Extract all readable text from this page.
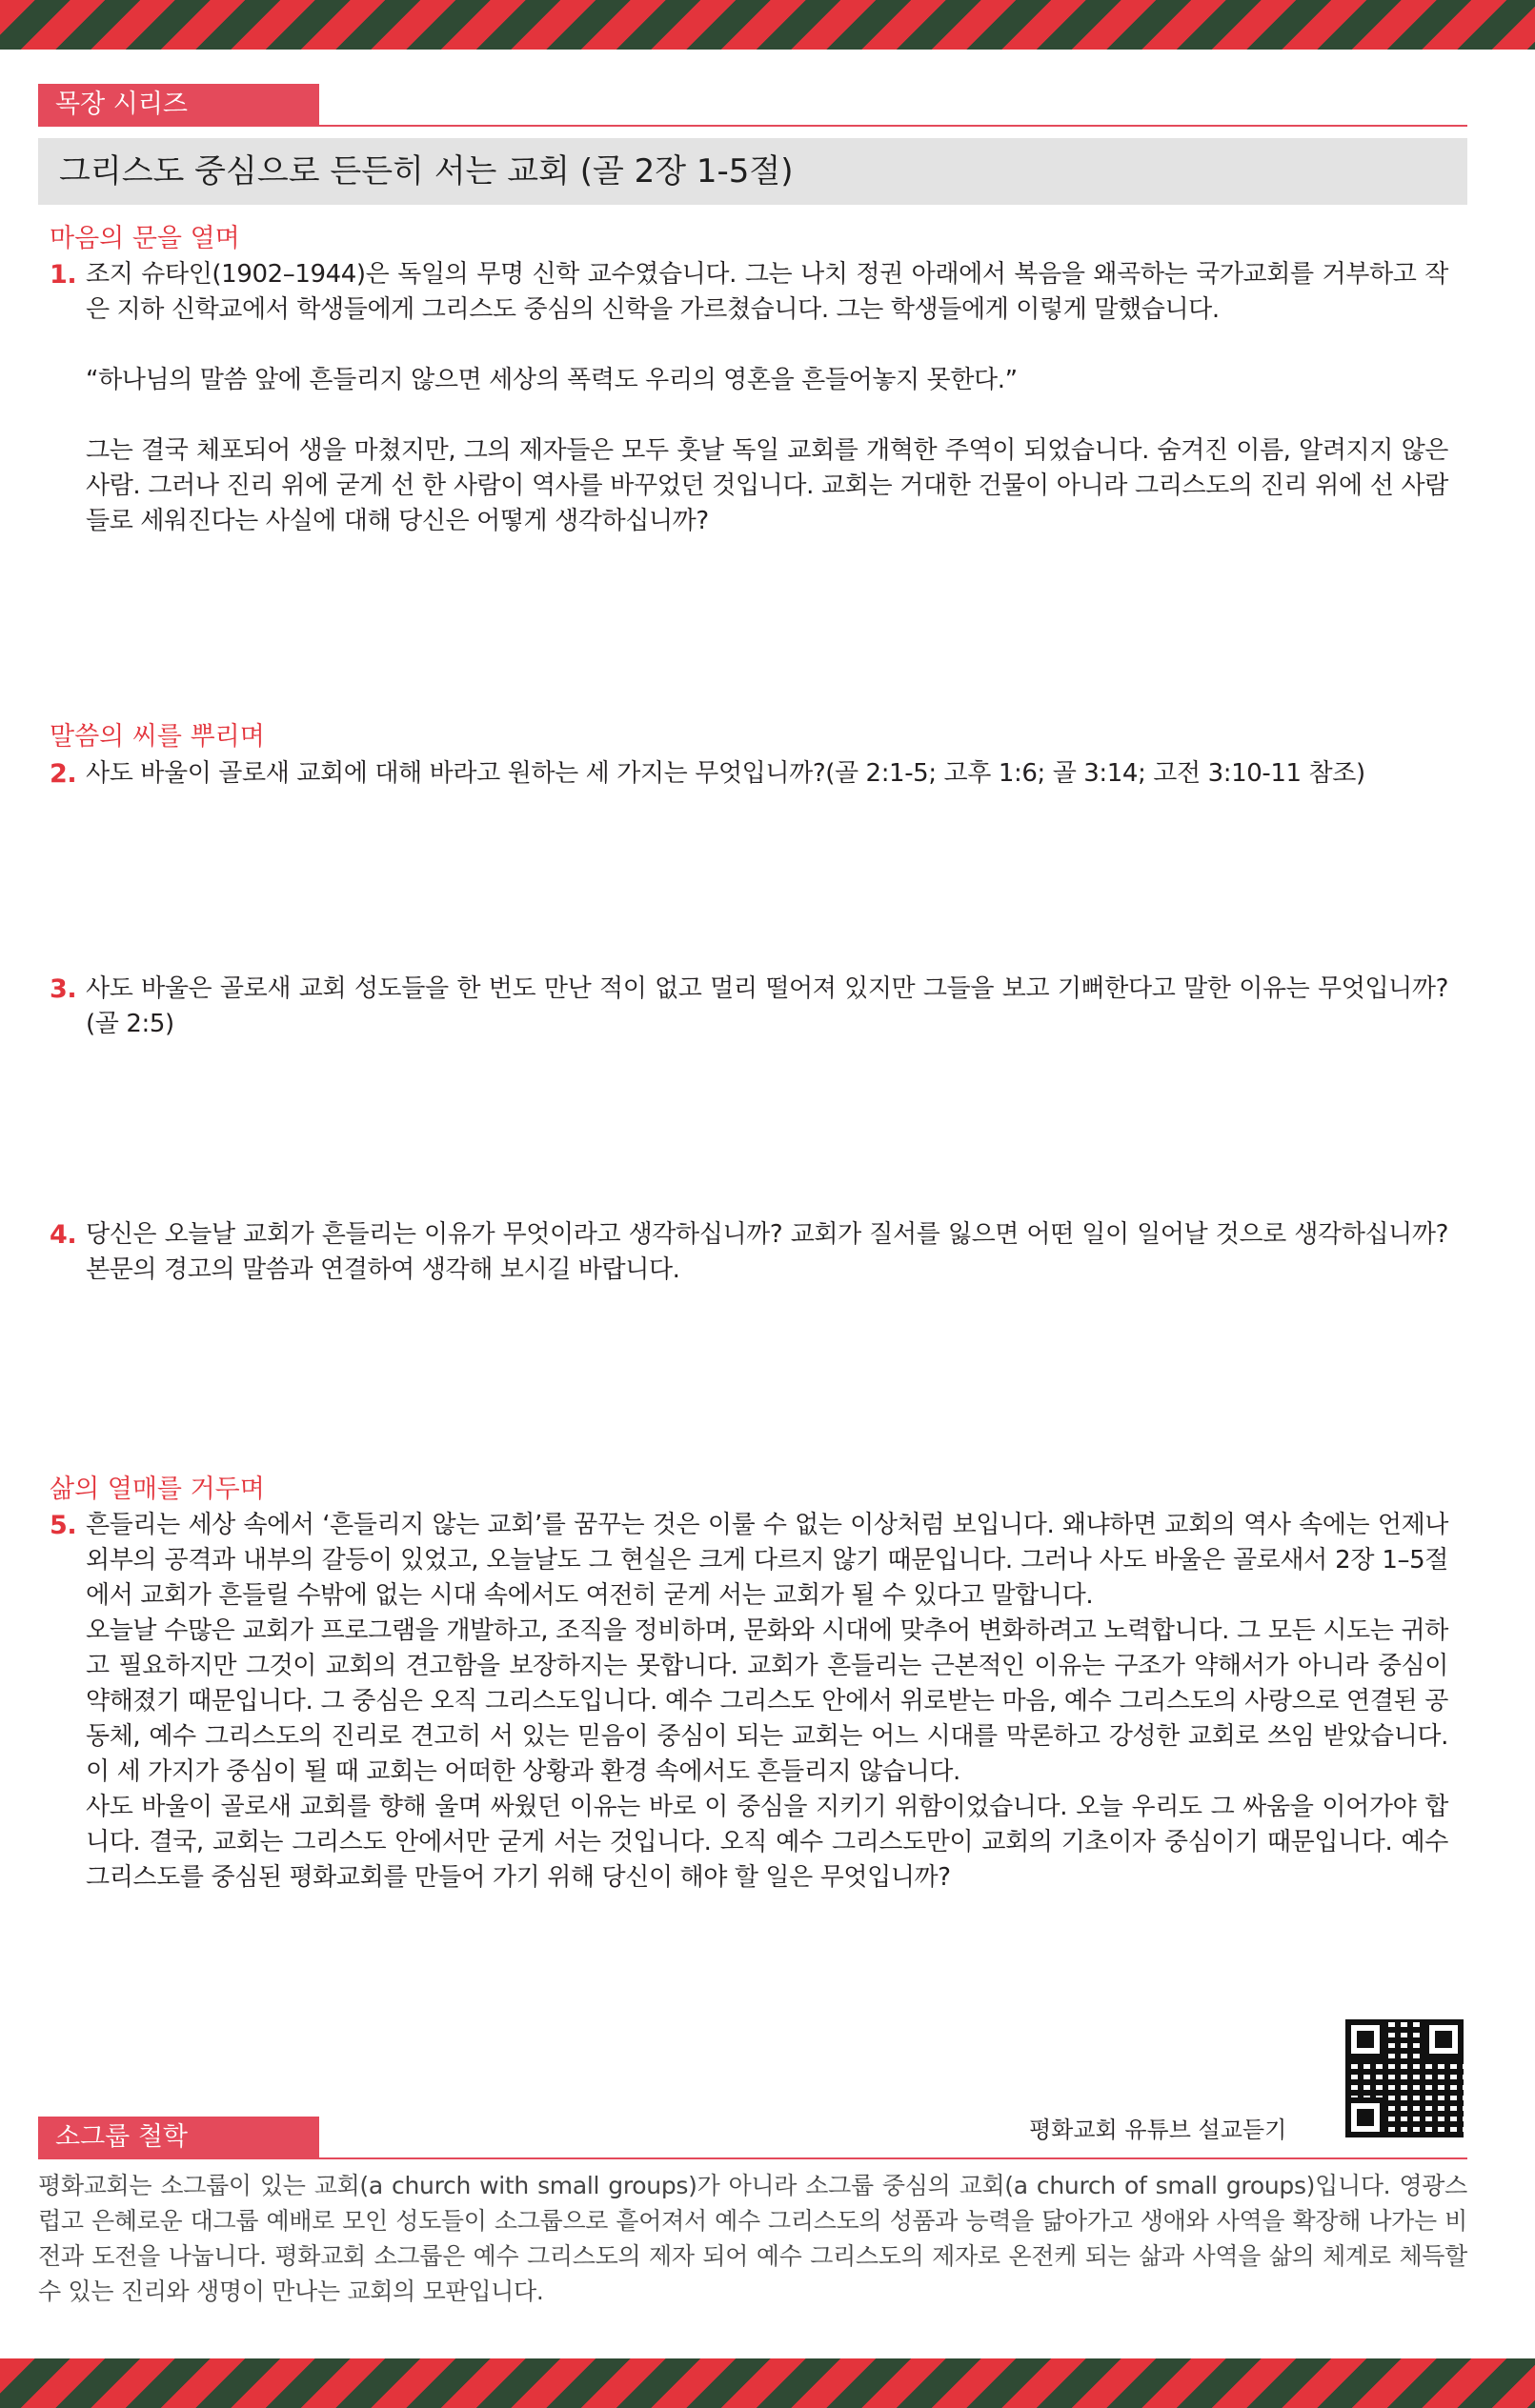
목장 시리즈
그리스도 중심으로 든든히 서는 교회 (골 2장 1-5절)
마음의 문을 열며
1. 조지 슈타인(1902–1944)은 독일의 무명 신학 교수였습니다. 그는 나치 정권 아래에서 복음을 왜곡하는 국가교회를 거부하고 작은 지하 신학교에서 학생들에게 그리스도 중심의 신학을 가르쳤습니다. 그는 학생들에게 이렇게 말했습니다.

“하나님의 말씀 앞에 흔들리지 않으면 세상의 폭력도 우리의 영혼을 흔들어놓지 못한다.”

그는 결국 체포되어 생을 마쳤지만, 그의 제자들은 모두 훗날 독일 교회를 개혁한 주역이 되었습니다. 숨겨진 이름, 알려지지 않은 사람. 그러나 진리 위에 굳게 선 한 사람이 역사를 바꾸었던 것입니다. 교회는 거대한 건물이 아니라 그리스도의 진리 위에 선 사람들로 세워진다는 사실에 대해 당신은 어떻게 생각하십니까?

말씀의 씨를 뿌리며
2. 사도 바울이 골로새 교회에 대해 바라고 원하는 세 가지는 무엇입니까?(골 2:1-5; 고후 1:6; 골 3:14; 고전 3:10-11 참조)

3. 사도 바울은 골로새 교회 성도들을 한 번도 만난 적이 없고 멀리 떨어져 있지만 그들을 보고 기뻐한다고 말한 이유는 무엇입니까?(골 2:5)

4. 당신은 오늘날 교회가 흔들리는 이유가 무엇이라고 생각하십니까? 교회가 질서를 잃으면 어떤 일이 일어날 것으로 생각하십니까? 본문의 경고의 말씀과 연결하여 생각해 보시길 바랍니다.

삶의 열매를 거두며
5. 흔들리는 세상 속에서 ‘흔들리지 않는 교회’를 꿈꾸는 것은 이룰 수 없는 이상처럼 보입니다. 왜냐하면 교회의 역사 속에는 언제나 외부의 공격과 내부의 갈등이 있었고, 오늘날도 그 현실은 크게 다르지 않기 때문입니다. 그러나 사도 바울은 골로새서 2장 1–5절에서 교회가 흔들릴 수밖에 없는 시대 속에서도 여전히 굳게 서는 교회가 될 수 있다고 말합니다.

오늘날 수많은 교회가 프로그램을 개발하고, 조직을 정비하며, 문화와 시대에 맞추어 변화하려고 노력합니다. 그 모든 시도는 귀하고 필요하지만 그것이 교회의 견고함을 보장하지는 못합니다. 교회가 흔들리는 근본적인 이유는 구조가 약해서가 아니라 중심이 약해졌기 때문입니다. 그 중심은 오직 그리스도입니다. 예수 그리스도 안에서 위로받는 마음, 예수 그리스도의 사랑으로 연결된 공동체, 예수 그리스도의 진리로 견고히 서 있는 믿음이 중심이 되는 교회는 어느 시대를 막론하고 강성한 교회로 쓰임 받았습니다. 이 세 가지가 중심이 될 때 교회는 어떠한 상황과 환경 속에서도 흔들리지 않습니다.

사도 바울이 골로새 교회를 향해 울며 싸웠던 이유는 바로 이 중심을 지키기 위함이었습니다. 오늘 우리도 그 싸움을 이어가야 합니다. 결국, 교회는 그리스도 안에서만 굳게 서는 것입니다. 오직 예수 그리스도만이 교회의 기초이자 중심이기 때문입니다. 예수 그리스도를 중심된 평화교회를 만들어 가기 위해 당신이 해야 할 일은 무엇입니까?

평화교회 유튜브 설교듣기
소그룹 철학
평화교회는 소그룹이 있는 교회(a church with small groups)가 아니라 소그룹 중심의 교회(a church of small groups)입니다. 영광스럽고 은혜로운 대그룹 예배로 모인 성도들이 소그룹으로 흩어져서 예수 그리스도의 성품과 능력을 닮아가고 생애와 사역을 확장해 나가는 비전과 도전을 나눕니다. 평화교회 소그룹은 예수 그리스도의 제자 되어 예수 그리스도의 제자로 온전케 되는 삶과 사역을 삶의 체계로 체득할 수 있는 진리와 생명이 만나는 교회의 모판입니다.
